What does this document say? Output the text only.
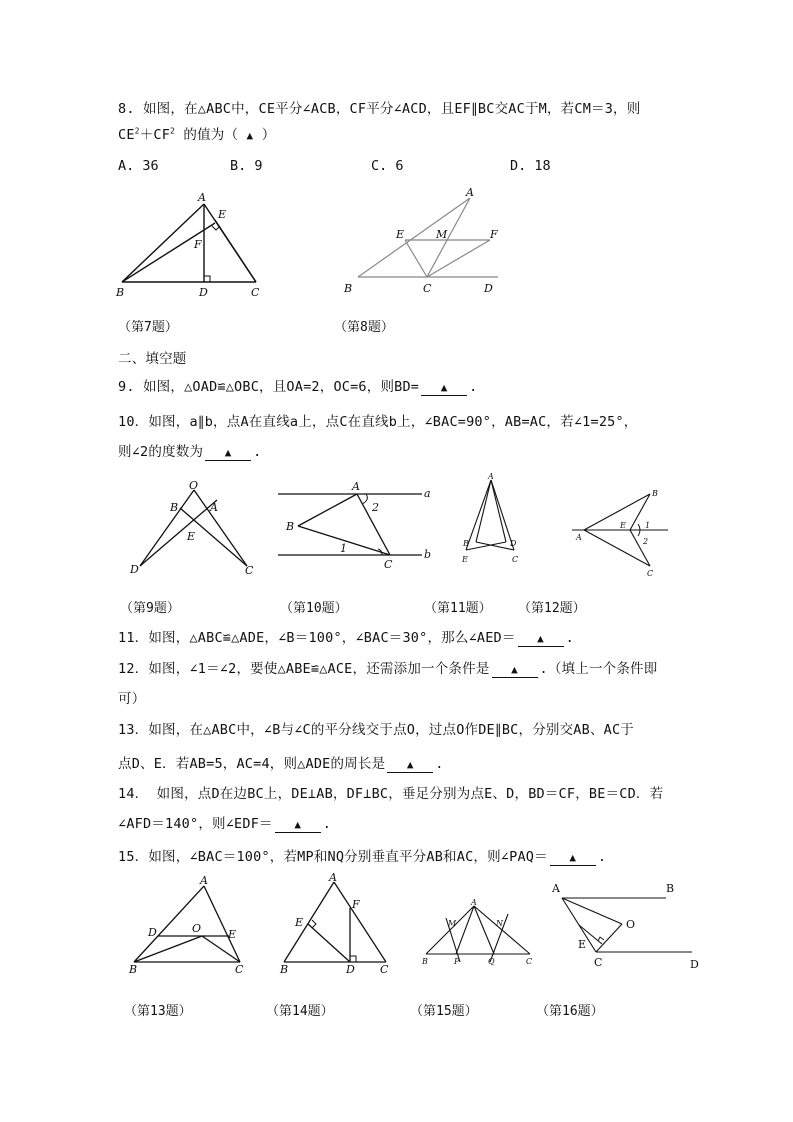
8. 如图，在△ABC中，CE平分∠ACB，CF平分∠ACD，且EF∥BC交AC于M，若CM＝3，则
$CE^2+CF^2$ 的值为（ ▲ ）
A. 36	B. 9	C. 6	D. 18
A
E
F
B	D	C
A
E	M	F
B	C	D
（第7题）	（第8题）
二、填空题
9. 如图，△OAD≌△OBC，且OA=2，OC=6，则BD= ▲ .
10．如图，a∥b，点A在直线a上，点C在直线b上，∠BAC=90°，AB=AC，若∠1=25°，
则∠2的度数为 ▲ .
O
B	A
E
D	C
A
a
2
B
1
C
b
A
B	D
E	C
B
E 1
A	2
C
（第9题）	（第10题）	（第11题） （第12题）
11．如图，△ABC≌△ADE，∠B＝100°，∠BAC＝30°，那么∠AED＝ ▲ .
12．如图，∠1＝∠2，要使△ABE≌△ACE，还需添加一个条件是 ▲ .（填上一个条件即
可）
13．如图，在△ABC中，∠B与∠C的平分线交于点O，过点O作DE∥BC，分别交AB、AC于
点D、E．若AB=5，AC=4，则△ADE的周长是 ▲ .
14． 如图，点D在边BC上，DE⊥AB，DF⊥BC，垂足分别为点E、D，BD＝CF，BE＝CD．若
∠AFD＝140°，则∠EDF＝ ▲ .
15．如图，∠BAC＝100°，若MP和NQ分别垂直平分AB和AC，则∠PAQ＝ ▲ .
A
D	O E
B	C
A
F
E
B	D C
A
M	N
B	P	Q	C
A	B
O
E
C	D
（第13题）	（第14题）	（第15题）	（第16题）
